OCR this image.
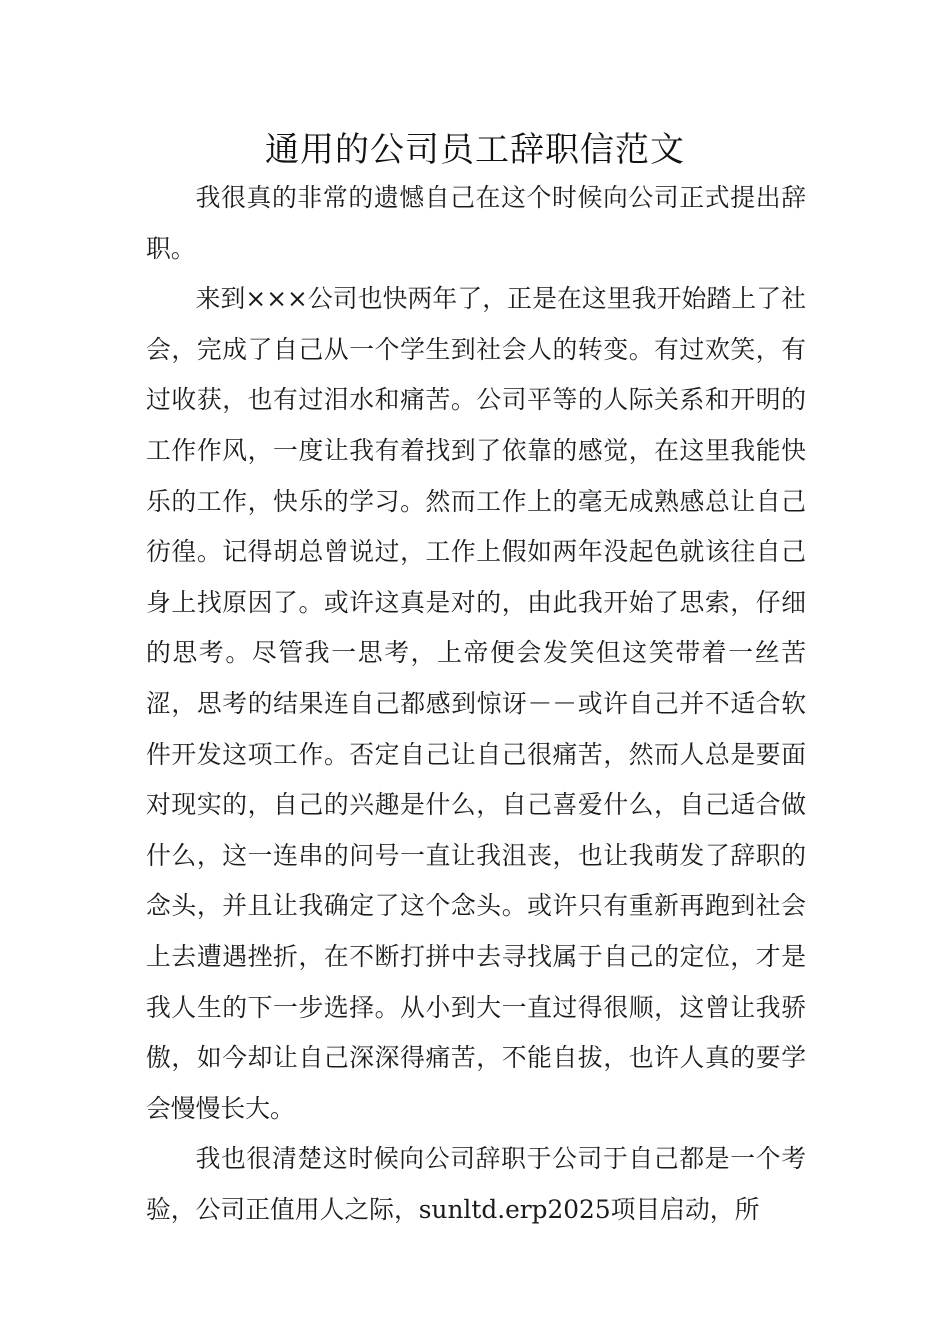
通用的公司员工辞职信范文

我很真的非常的遗憾自己在这个时候向公司正式提出辞职。

来到×××公司也快两年了，正是在这里我开始踏上了社会，完成了自己从一个学生到社会人的转变。有过欢笑，有过收获，也有过泪水和痛苦。公司平等的人际关系和开明的工作作风，一度让我有着找到了依靠的感觉，在这里我能快乐的工作，快乐的学习。然而工作上的毫无成熟感总让自己彷徨。记得胡总曾说过，工作上假如两年没起色就该往自己身上找原因了。或许这真是对的，由此我开始了思索，仔细的思考。尽管我一思考，上帝便会发笑但这笑带着一丝苦涩，思考的结果连自己都感到惊讶－－或许自己并不适合软件开发这项工作。否定自己让自己很痛苦，然而人总是要面对现实的，自己的兴趣是什么，自己喜爱什么，自己适合做什么，这一连串的问号一直让我沮丧，也让我萌发了辞职的念头，并且让我确定了这个念头。或许只有重新再跑到社会上去遭遇挫折，在不断打拼中去寻找属于自己的定位，才是我人生的下一步选择。从小到大一直过得很顺，这曾让我骄傲，如今却让自己深深得痛苦，不能自拔，也许人真的要学会慢慢长大。

我也很清楚这时候向公司辞职于公司于自己都是一个考验，公司正值用人之际，sunltd.erp2025项目启动，所
